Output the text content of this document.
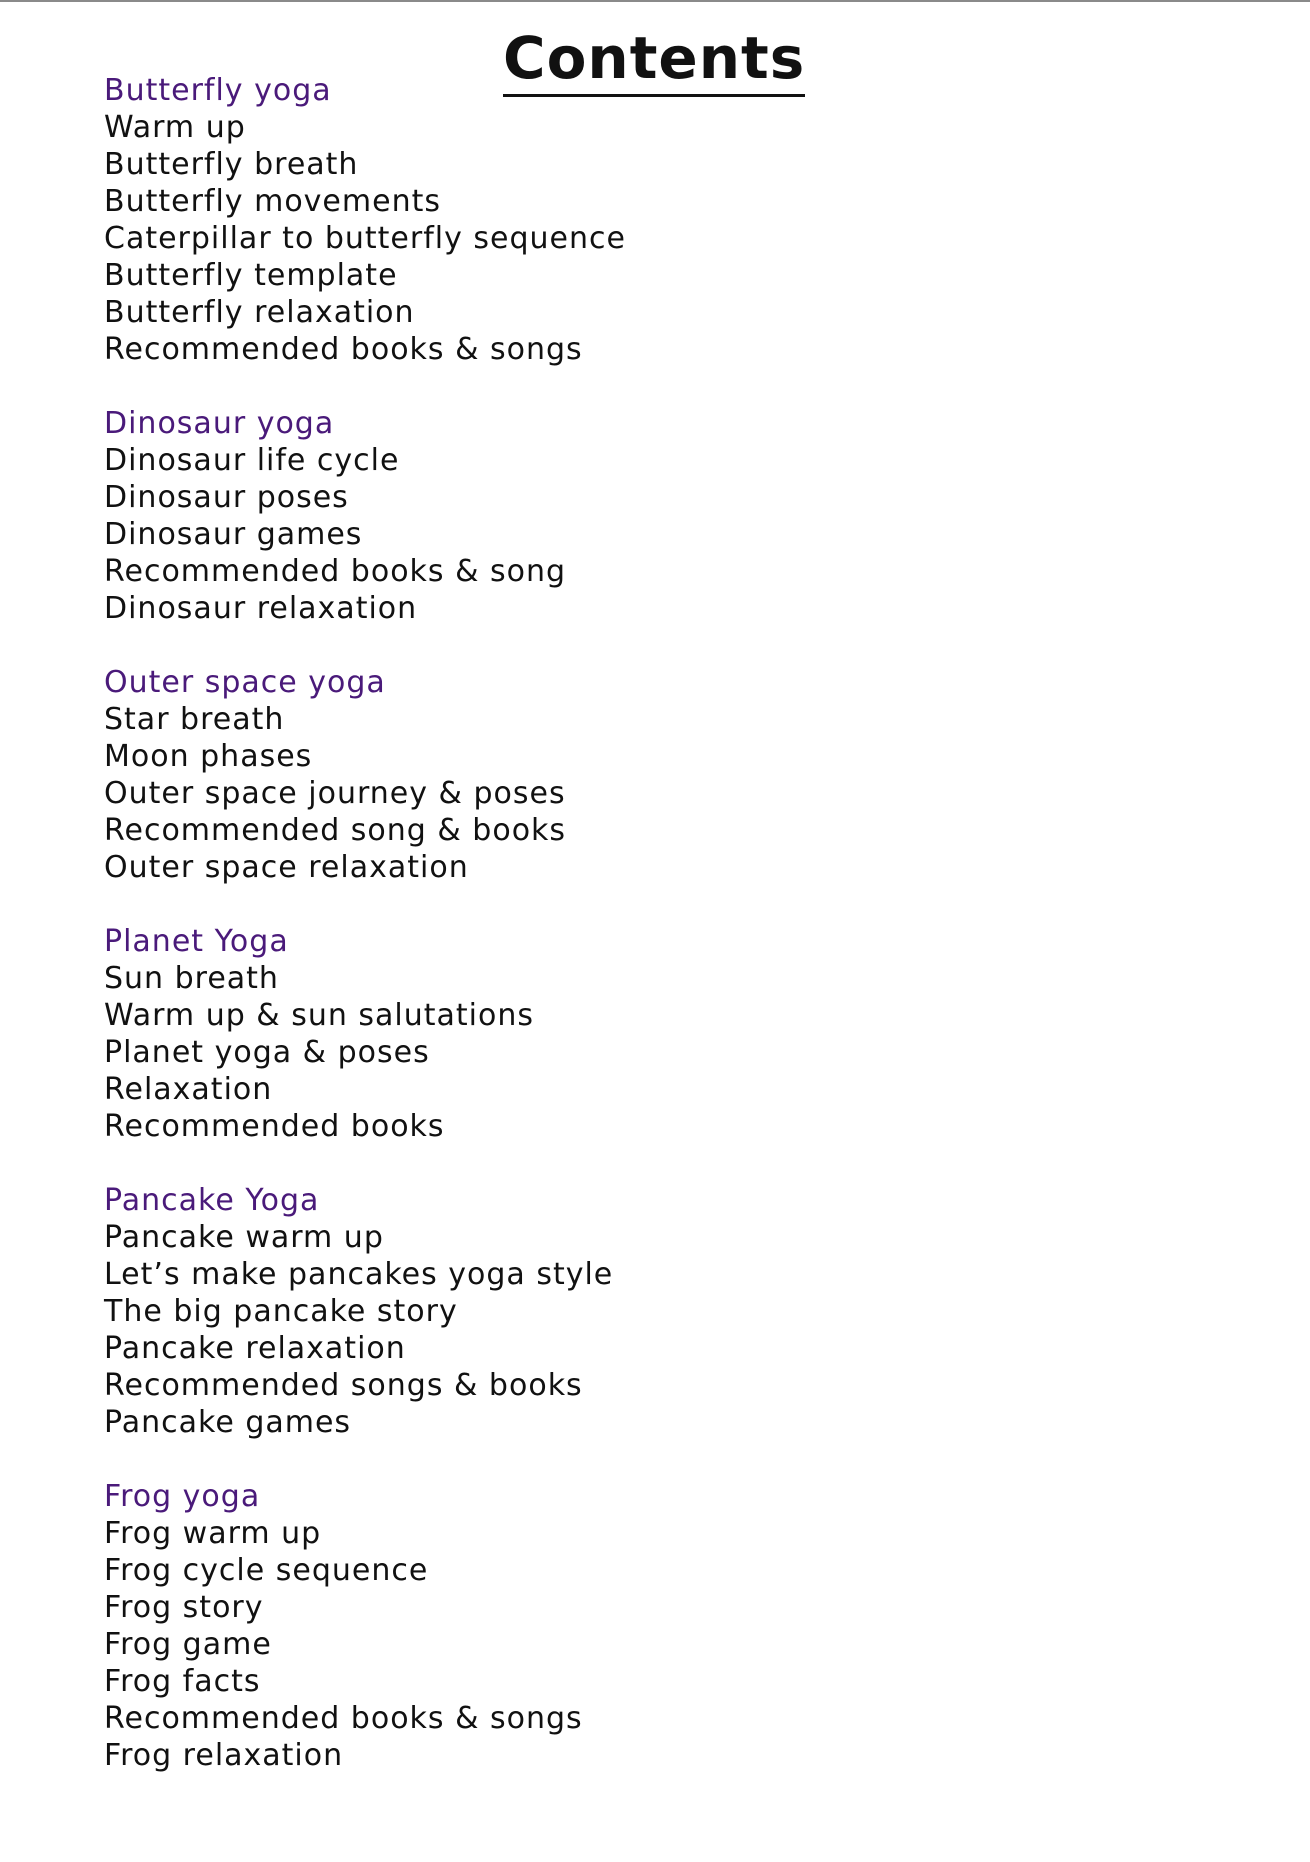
Contents
Butterfly yoga
Warm up
Butterfly breath
Butterfly movements
Caterpillar to butterfly sequence
Butterfly template
Butterfly relaxation
Recommended books & songs
Dinosaur yoga
Dinosaur life cycle
Dinosaur poses
Dinosaur games
Recommended books & song
Dinosaur relaxation
Outer space yoga
Star breath
Moon phases
Outer space journey & poses
Recommended song & books
Outer space relaxation
Planet Yoga
Sun breath
Warm up & sun salutations
Planet yoga & poses
Relaxation
Recommended books
Pancake Yoga
Pancake warm up
Let’s make pancakes yoga style
The big pancake story
Pancake relaxation
Recommended songs & books
Pancake games
Frog yoga
Frog warm up
Frog cycle sequence
Frog story
Frog game
Frog facts
Recommended books & songs
Frog relaxation
